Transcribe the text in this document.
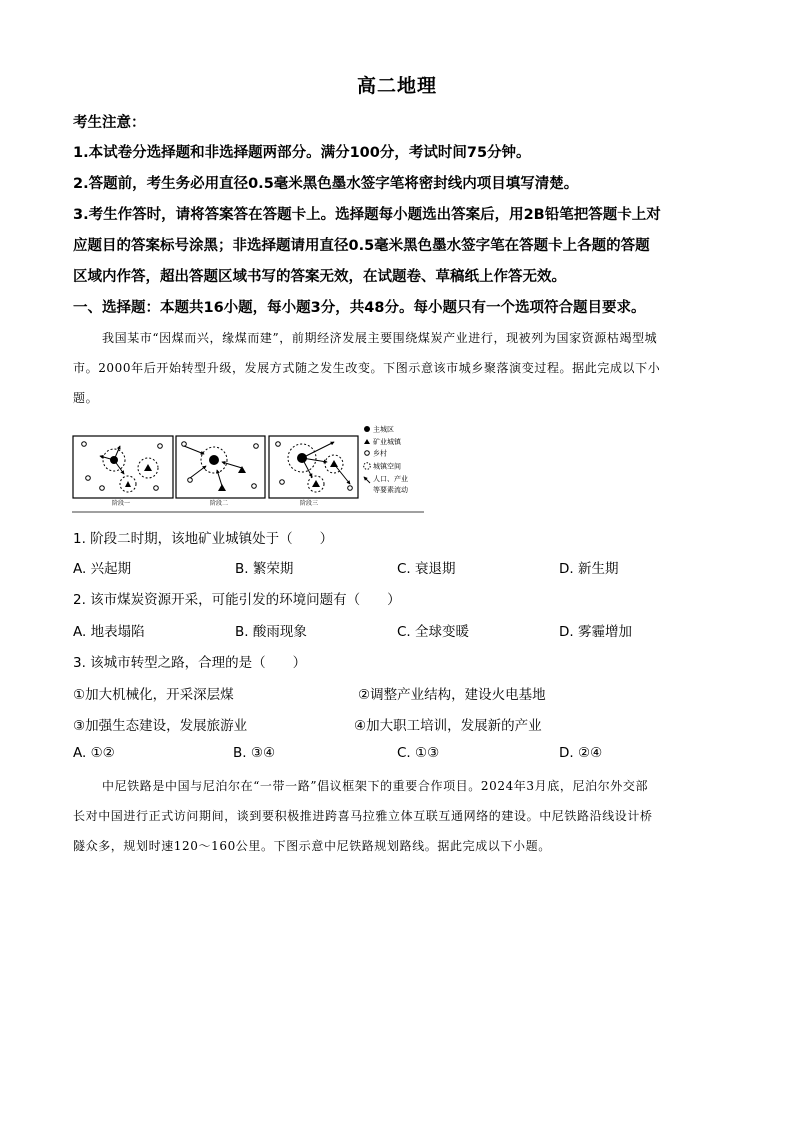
高二地理
考生注意：
1.本试卷分选择题和非选择题两部分。满分100分，考试时间75分钟。
2.答题前，考生务必用直径0.5毫米黑色墨水签字笔将密封线内项目填写清楚。
3.考生作答时，请将答案答在答题卡上。选择题每小题选出答案后，用2B铅笔把答题卡上对
应题目的答案标号涂黑；非选择题请用直径0.5毫米黑色墨水签字笔在答题卡上各题的答题
区域内作答，超出答题区域书写的答案无效，在试题卷、草稿纸上作答无效。
一、选择题：本题共16小题，每小题3分，共48分。每小题只有一个选项符合题目要求。
我国某市“因煤而兴，缘煤而建”，前期经济发展主要围绕煤炭产业进行，现被列为国家资源枯竭型城
市。2000年后开始转型升级，发展方式随之发生改变。下图示意该市城乡聚落演变过程。据此完成以下小
题。
阶段一	阶段二	阶段三
主城区
矿业城镇
乡村
城镇空间
人口、产业
等要素流动
1. 阶段二时期，该地矿业城镇处于（　　）
A. 兴起期	B. 繁荣期	C. 衰退期	D. 新生期
2. 该市煤炭资源开采，可能引发的环境问题有（　　）
A. 地表塌陷	B. 酸雨现象	C. 全球变暖	D. 雾霾增加
3. 该城市转型之路，合理的是（　　）
①加大机械化，开采深层煤	②调整产业结构，建设火电基地
③加强生态建设，发展旅游业	④加大职工培训，发展新的产业
A. ①②	B. ③④	C. ①③	D. ②④
中尼铁路是中国与尼泊尔在“一带一路”倡议框架下的重要合作项目。2024年3月底，尼泊尔外交部
长对中国进行正式访问期间，谈到要积极推进跨喜马拉雅立体互联互通网络的建设。中尼铁路沿线设计桥
隧众多，规划时速120～160公里。下图示意中尼铁路规划路线。据此完成以下小题。
